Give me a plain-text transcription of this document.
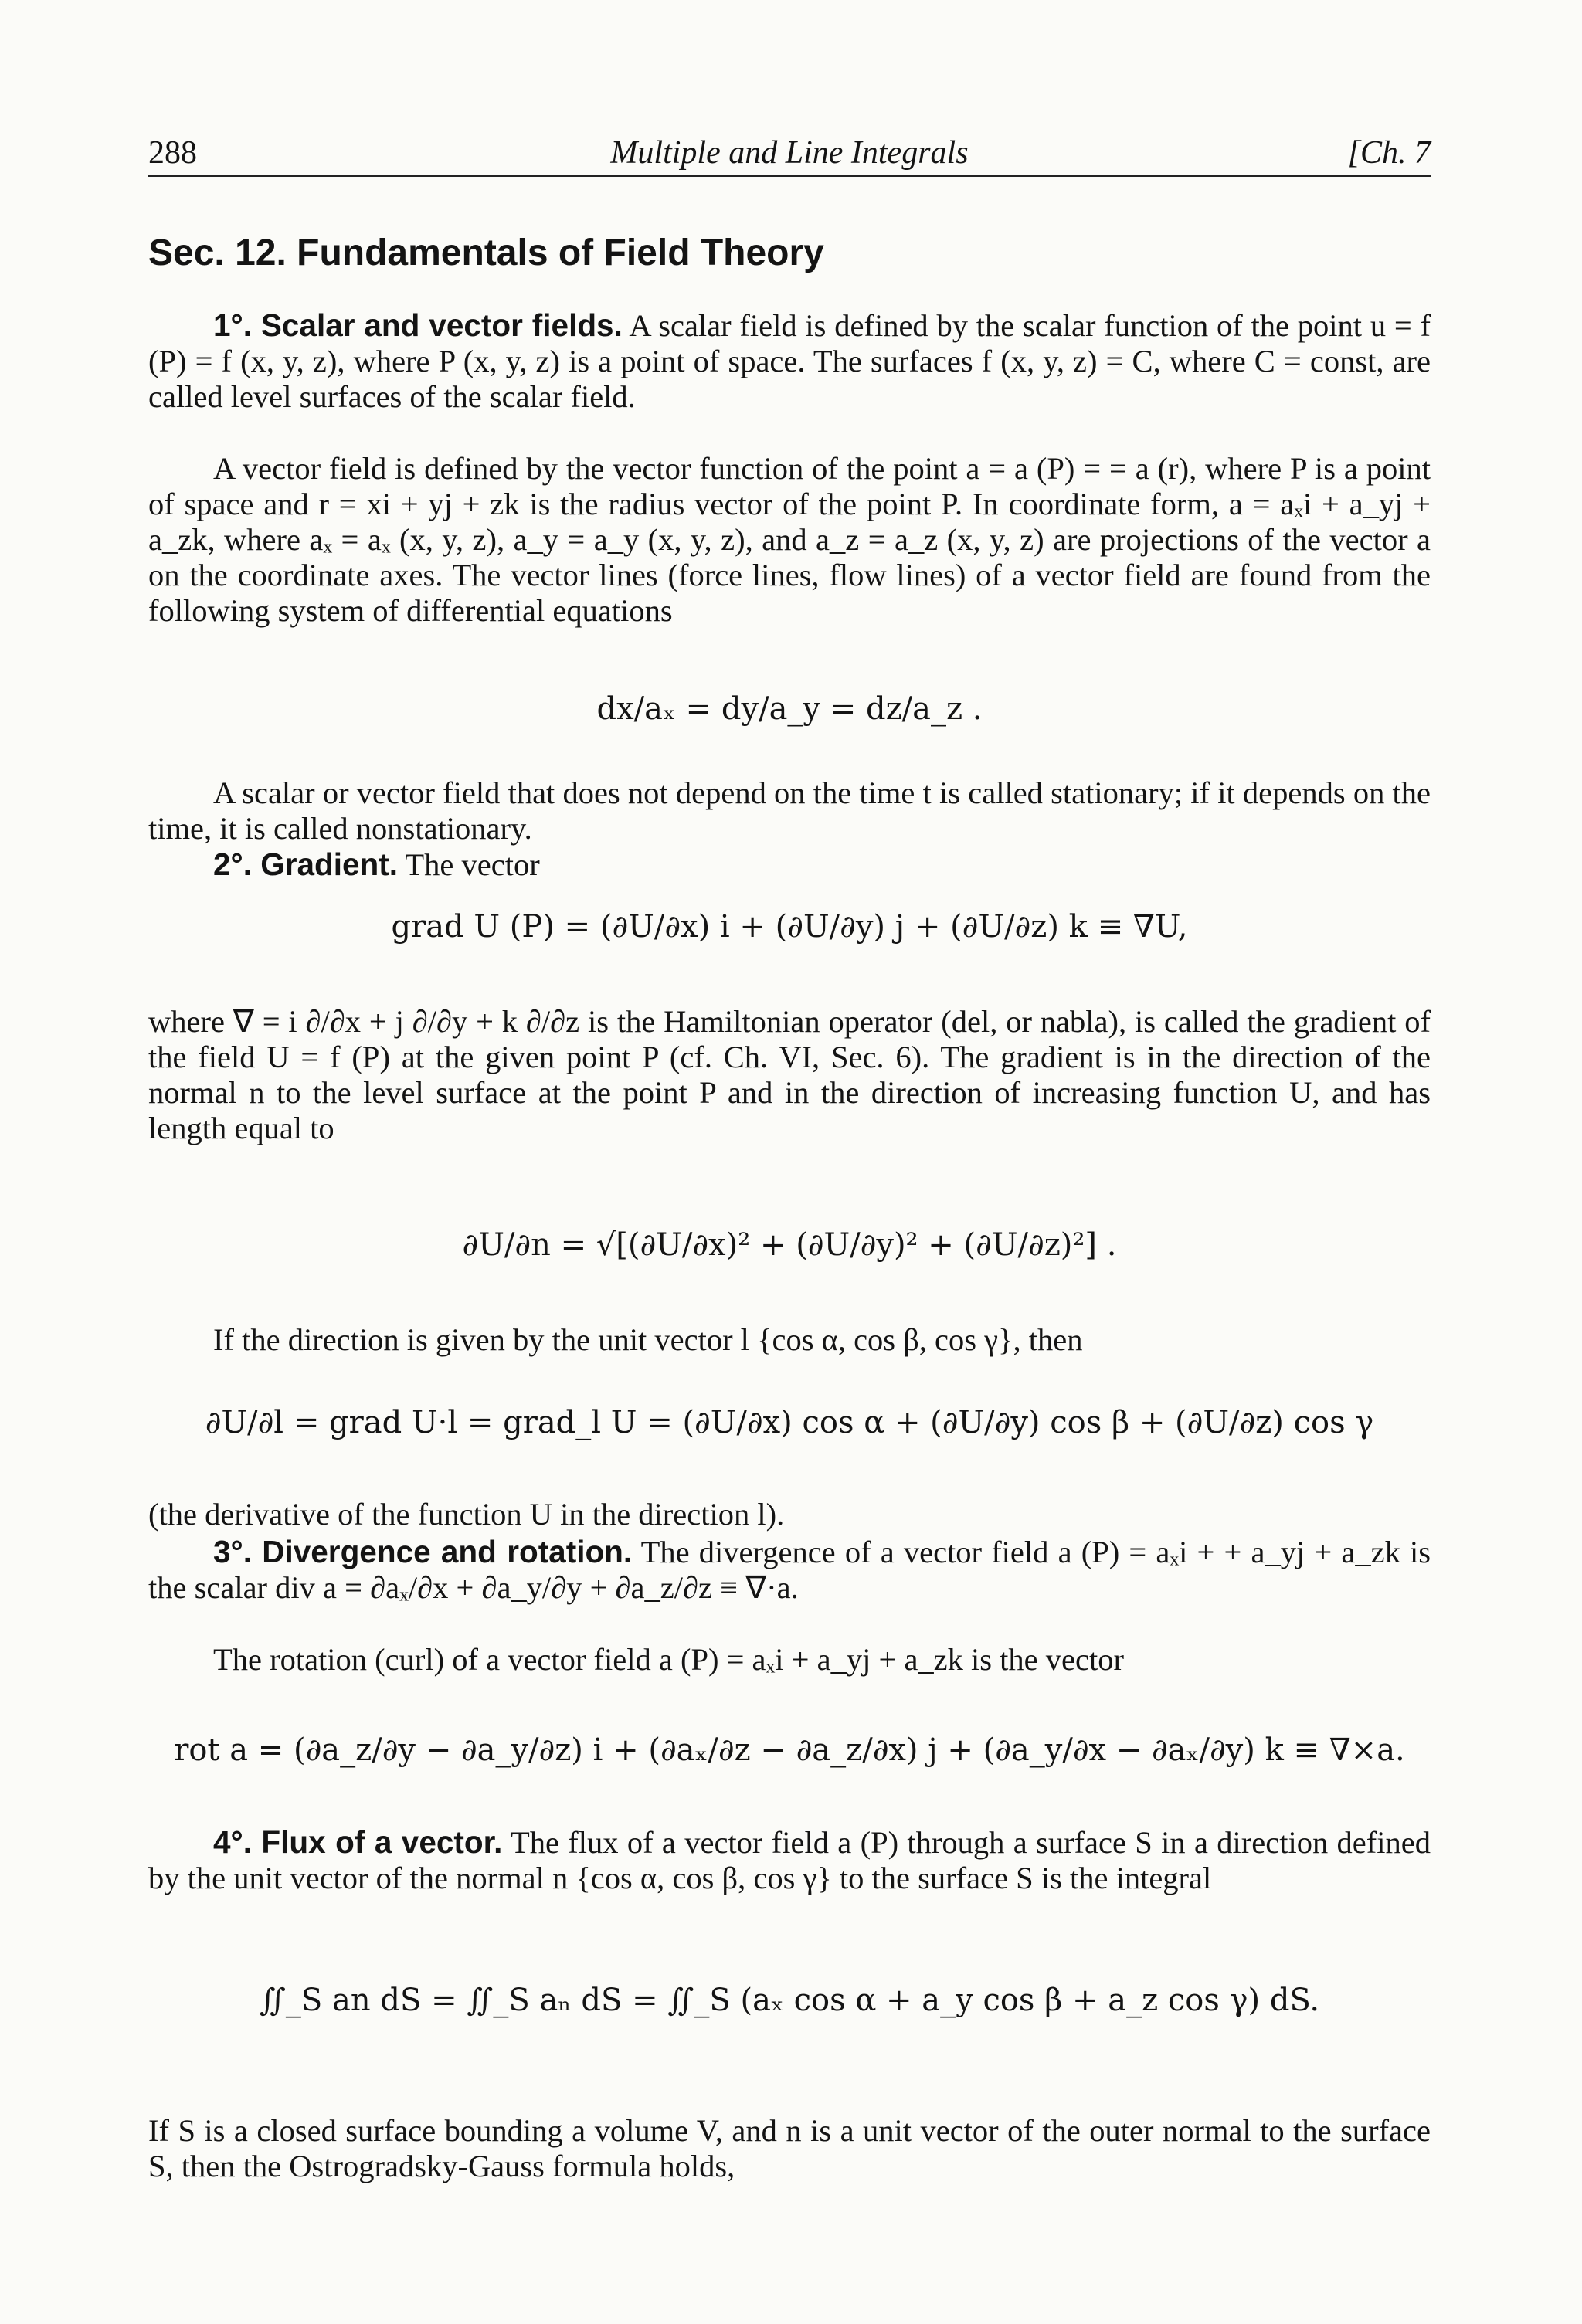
288	Multiple and Line Integrals	[Ch. 7
Sec. 12. Fundamentals of Field Theory

1°. Scalar and vector fields. A scalar field is defined by the scalar function of the point u = f (P) = f (x, y, z), where P (x, y, z) is a point of space. The surfaces f (x, y, z) = C, where C = const, are called level surfaces of the scalar field.

A vector field is defined by the vector function of the point a = a (P) = = a (r), where P is a point of space and r = xi + yj + zk is the radius vector of the point P. In coordinate form, a = aₓi + a_yj + a_zk, where aₓ = aₓ (x, y, z), a_y = a_y (x, y, z), and a_z = a_z (x, y, z) are projections of the vector a on the coordinate axes. The vector lines (force lines, flow lines) of a vector field are found from the following system of differential equations

dx/aₓ = dy/a_y = dz/a_z .

A scalar or vector field that does not depend on the time t is called stationary; if it depends on the time, it is called nonstationary.

2°. Gradient. The vector

grad U (P) = (∂U/∂x) i + (∂U/∂y) j + (∂U/∂z) k ≡ ∇U,

where ∇ = i ∂/∂x + j ∂/∂y + k ∂/∂z is the Hamiltonian operator (del, or nabla), is called the gradient of the field U = f (P) at the given point P (cf. Ch. VI, Sec. 6). The gradient is in the direction of the normal n to the level surface at the point P and in the direction of increasing function U, and has length equal to

∂U/∂n = √[(∂U/∂x)² + (∂U/∂y)² + (∂U/∂z)²] .

If the direction is given by the unit vector l {cos α, cos β, cos γ}, then

∂U/∂l = grad U·l = grad_l U = (∂U/∂x) cos α + (∂U/∂y) cos β + (∂U/∂z) cos γ

(the derivative of the function U in the direction l).

3°. Divergence and rotation. The divergence of a vector field a (P) = aₓi + + a_yj + a_zk is the scalar div a = ∂aₓ/∂x + ∂a_y/∂y + ∂a_z/∂z ≡ ∇·a.

The rotation (curl) of a vector field a (P) = aₓi + a_yj + a_zk is the vector

rot a = (∂a_z/∂y − ∂a_y/∂z) i + (∂aₓ/∂z − ∂a_z/∂x) j + (∂a_y/∂x − ∂aₓ/∂y) k ≡ ∇×a.

4°. Flux of a vector. The flux of a vector field a (P) through a surface S in a direction defined by the unit vector of the normal n {cos α, cos β, cos γ} to the surface S is the integral

∬_S an dS = ∬_S aₙ dS = ∬_S (aₓ cos α + a_y cos β + a_z cos γ) dS.

If S is a closed surface bounding a volume V, and n is a unit vector of the outer normal to the surface S, then the Ostrogradsky-Gauss formula holds,
